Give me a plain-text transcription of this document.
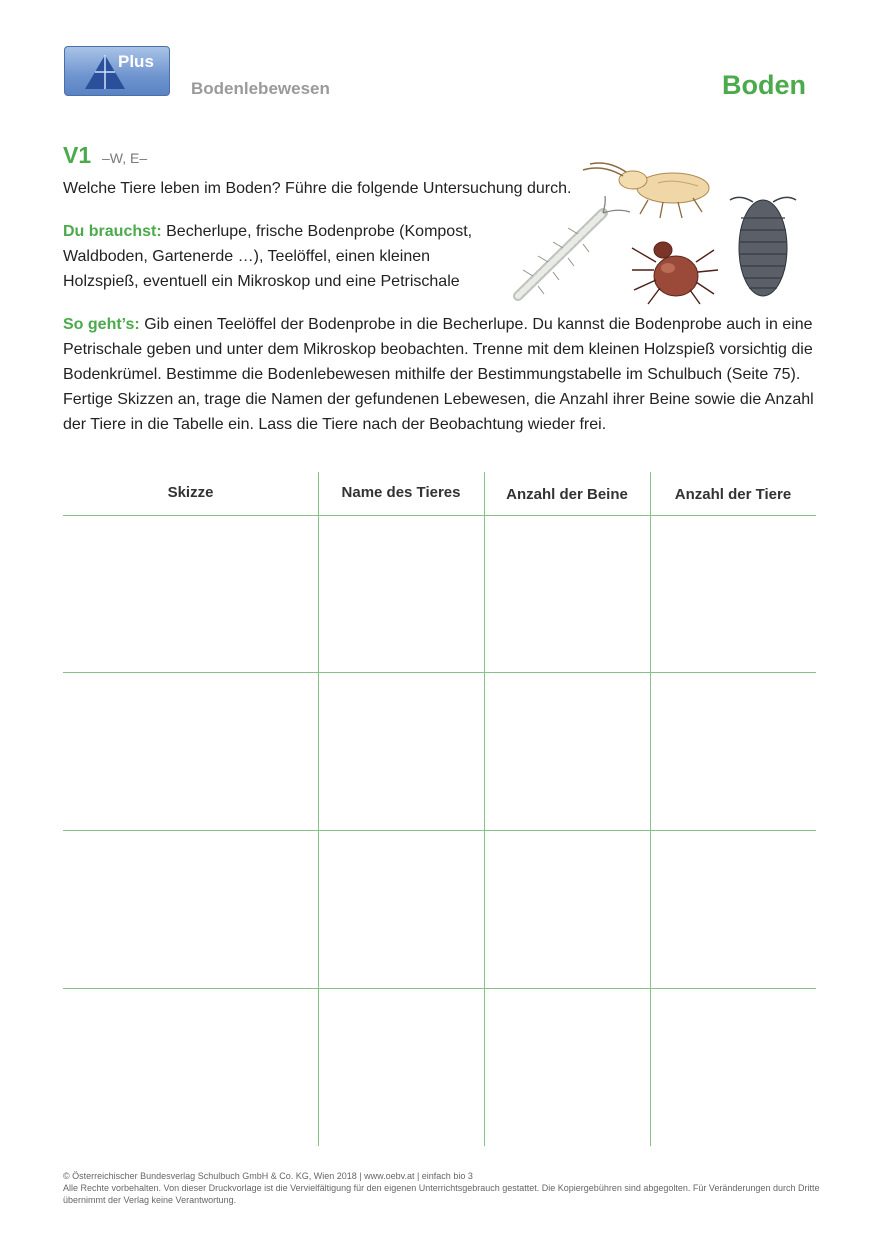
Plus
Bodenlebewesen	Boden
V1 –W, E–
Welche Tiere leben im Boden? Führe die folgende Untersuchung durch.
Du brauchst: Becherlupe, frische Bodenprobe (Kompost, Waldboden, Gartenerde …), Teelöffel, einen kleinen Holzspieß, eventuell ein Mikroskop und eine Petrischale
So geht’s: Gib einen Teelöffel der Bodenprobe in die Becherlupe. Du kannst die Bodenprobe auch in eine Petrischale geben und unter dem Mikroskop beobachten. Trenne mit dem kleinen Holzspieß vorsichtig die Bodenkrümel. Bestimme die Bodenlebewesen mithilfe der Bestimmungstabelle im Schulbuch (Seite 75). Fertige Skizzen an, trage die Namen der gefundenen Lebewesen, die Anzahl ihrer Beine sowie die Anzahl der Tiere in die Tabelle ein. Lass die Tiere nach der Beobachtung wieder frei.
Skizze	Name des Tieres	Anzahl der Beine	Anzahl der Tiere
© Österreichischer Bundesverlag Schulbuch GmbH & Co. KG, Wien 2018 | www.oebv.at | einfach bio 3
Alle Rechte vorbehalten. Von dieser Druckvorlage ist die Vervielfältigung für den eigenen Unterrichtsgebrauch gestattet. Die Kopiergebühren sind abgegolten. Für Veränderungen durch Dritte übernimmt der Verlag keine Verantwortung.
